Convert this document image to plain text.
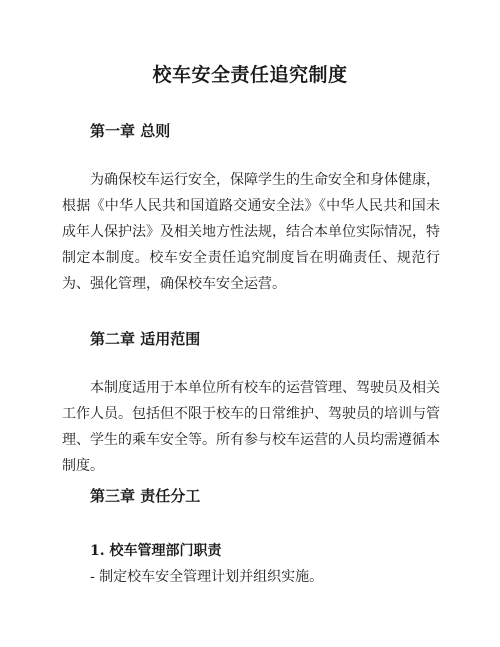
校车安全责任追究制度
第一章 总则

为确保校车运行安全，保障学生的生命安全和身体健康，根据《中华人民共和国道路交通安全法》《中华人民共和国未成年人保护法》及相关地方性法规，结合本单位实际情况，特制定本制度。校车安全责任追究制度旨在明确责任、规范行为、强化管理，确保校车安全运营。

第二章 适用范围

本制度适用于本单位所有校车的运营管理、驾驶员及相关工作人员。包括但不限于校车的日常维护、驾驶员的培训与管理、学生的乘车安全等。所有参与校车运营的人员均需遵循本制度。

第三章 责任分工
1. 校车管理部门职责
- 制定校车安全管理计划并组织实施。
